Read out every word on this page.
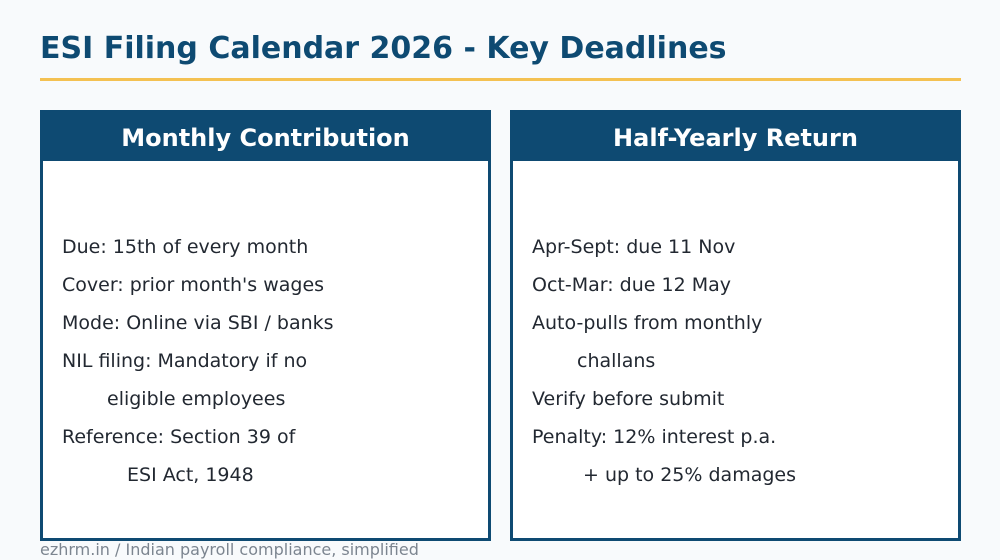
ESI Filing Calendar 2026 - Key Deadlines
Monthly Contribution
Due: 15th of every month
Cover: prior month's wages
Mode: Online via SBI / banks
NIL filing: Mandatory if no
eligible employees
Reference: Section 39 of
ESI Act, 1948
Half-Yearly Return
Apr-Sept: due 11 Nov
Oct-Mar: due 12 May
Auto-pulls from monthly
challans
Verify before submit
Penalty: 12% interest p.a.
+ up to 25% damages
ezhrm.in / Indian payroll compliance, simplified
